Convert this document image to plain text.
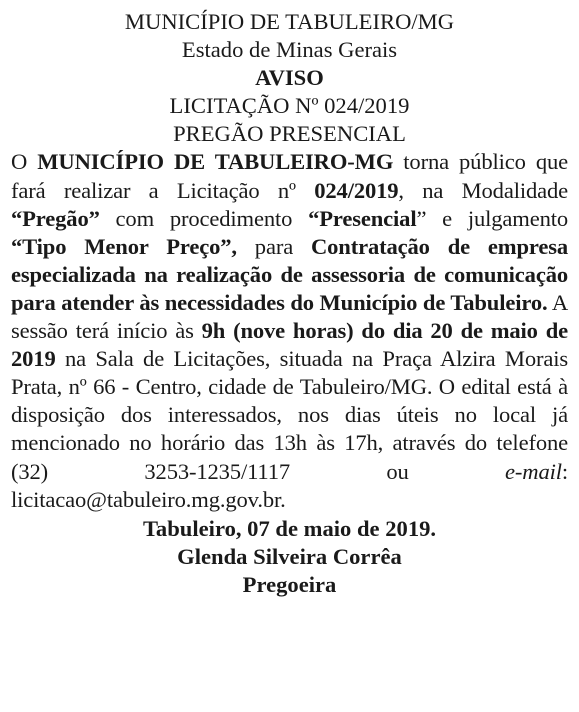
MUNICÍPIO DE TABULEIRO/MG

Estado de Minas Gerais

AVISO

LICITAÇÃO Nº 024/2019

PREGÃO PRESENCIAL

O MUNICÍPIO DE TABULEIRO-MG torna público que fará realizar a Licitação nº 024/2019, na Modalidade “Pregão” com procedimento “Presencial” e julgamento “Tipo Menor Preço”, para Contratação de empresa especializada na realização de assessoria de comunicação para atender às necessidades do Município de Tabuleiro. A sessão terá início às 9h (nove horas) do dia 20 de maio de 2019 na Sala de Licitações, situada na Praça Alzira Morais Prata, nº 66 - Centro, cidade de Tabuleiro/MG. O edital está à disposição dos interessados, nos dias úteis no local já mencionado no horário das 13h às 17h, através do telefone (32) 3253-1235/1117 ou e-mail: licitacao@tabuleiro.mg.gov.br.

Tabuleiro, 07 de maio de 2019.

Glenda Silveira Corrêa

Pregoeira
